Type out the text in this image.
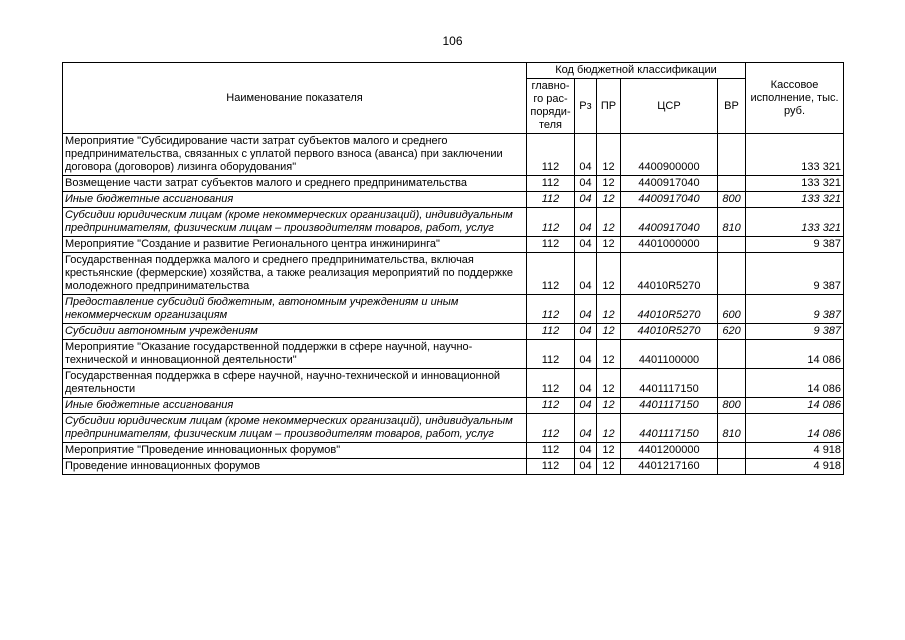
106
Наименование показателя	Код бюджетной классификации					Кассовое исполнение, тыс. руб.
	главно-го рас-поряди-теля	Рз	ПР	ЦСР	ВР	
Мероприятие "Субсидирование части затрат субъектов малого и среднего предпринимательства, связанных с уплатой первого взноса (аванса) при заключении договора (договоров) лизинга оборудования"	112	04	12	4400900000		133 321
Возмещение части затрат субъектов малого и среднего предпринимательства	112	04	12	4400917040		133 321
Иные бюджетные ассигнования	112	04	12	4400917040	800	133 321
Субсидии юридическим лицам (кроме некоммерческих организаций), индивидуальным предпринимателям, физическим лицам – производителям товаров, работ, услуг	112	04	12	4400917040	810	133 321
Мероприятие "Создание и развитие Регионального центра инжиниринга"	112	04	12	4401000000		9 387
Государственная поддержка малого и среднего предпринимательства, включая крестьянские (фермерские) хозяйства, а также реализация мероприятий по поддержке молодежного предпринимательства	112	04	12	44010R5270		9 387
Предоставление субсидий бюджетным, автономным учреждениям и иным некоммерческим организациям	112	04	12	44010R5270	600	9 387
Субсидии автономным учреждениям	112	04	12	44010R5270	620	9 387
Мероприятие "Оказание государственной поддержки в сфере научной, научно-технической и инновационной деятельности"	112	04	12	4401100000		14 086
Государственная поддержка в сфере научной, научно-технической и инновационной деятельности	112	04	12	4401117150		14 086
Иные бюджетные ассигнования	112	04	12	4401117150	800	14 086
Субсидии юридическим лицам (кроме некоммерческих организаций), индивидуальным предпринимателям, физическим лицам – производителям товаров, работ, услуг	112	04	12	4401117150	810	14 086
Мероприятие "Проведение инновационных форумов"	112	04	12	4401200000		4 918
Проведение инновационных форумов	112	04	12	4401217160		4 918
